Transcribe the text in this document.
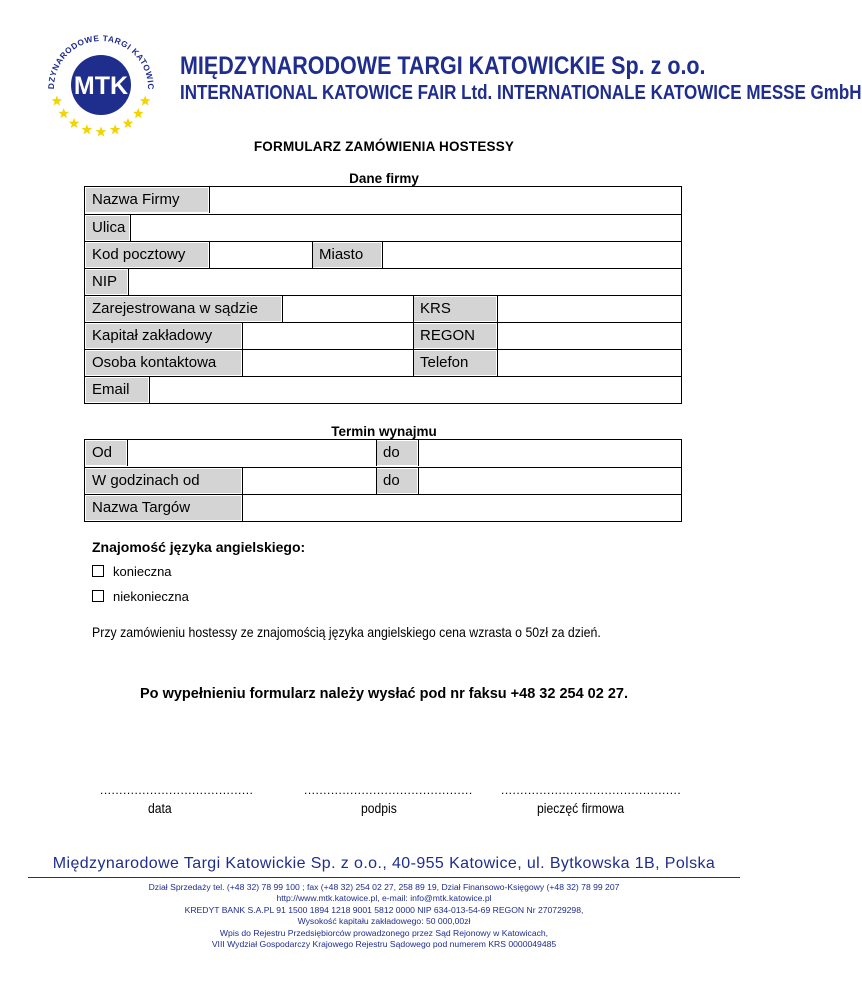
MTK
DZYNARODOWE TARGI KATOWIC
MIĘDZYNARODOWE TARGI KATOWICKIE Sp. z o.o.
INTERNATIONAL KATOWICE FAIR Ltd. INTERNATIONALE KATOWICE MESSE GmbH
FORMULARZ ZAMÓWIENIA HOSTESSY
Dane firmy
Nazwa Firmy
Ulica
Kod pocztowy	Miasto
NIP
Zarejestrowana w sądzie	KRS
Kapitał zakładowy	REGON
Osoba kontaktowa	Telefon
Email
Termin wynajmu
Od	do
W godzinach od	do
Nazwa Targów
Znajomość języka angielskiego:
konieczna
niekonieczna
Przy zamówieniu hostessy ze znajomością języka angielskiego cena wzrasta o 50zł za dzień.
Po wypełnieniu formularz należy wysłać pod nr faksu +48 32 254 02 27.
........................................
data
............................................
podpis
...............................................
pieczęć firmowa
Międzynarodowe Targi Katowickie Sp. z o.o., 40-955 Katowice, ul. Bytkowska 1B, Polska
Dział Sprzedaży tel. (+48 32) 78 99 100 ; fax (+48 32) 254 02 27, 258 89 19, Dział Finansowo-Księgowy (+48 32) 78 99 207
http://www.mtk.katowice.pl, e-mail: info@mtk.katowice.pl
KREDYT BANK S.A.PL 91 1500 1894 1218 9001 5812 0000 NIP 634-013-54-69 REGON Nr 270729298,
Wysokość kapitału zakładowego: 50 000,00zł
Wpis do Rejestru Przedsiębiorców prowadzonego przez Sąd Rejonowy w Katowicach,
VIII Wydział Gospodarczy Krajowego Rejestru Sądowego pod numerem KRS 0000049485
